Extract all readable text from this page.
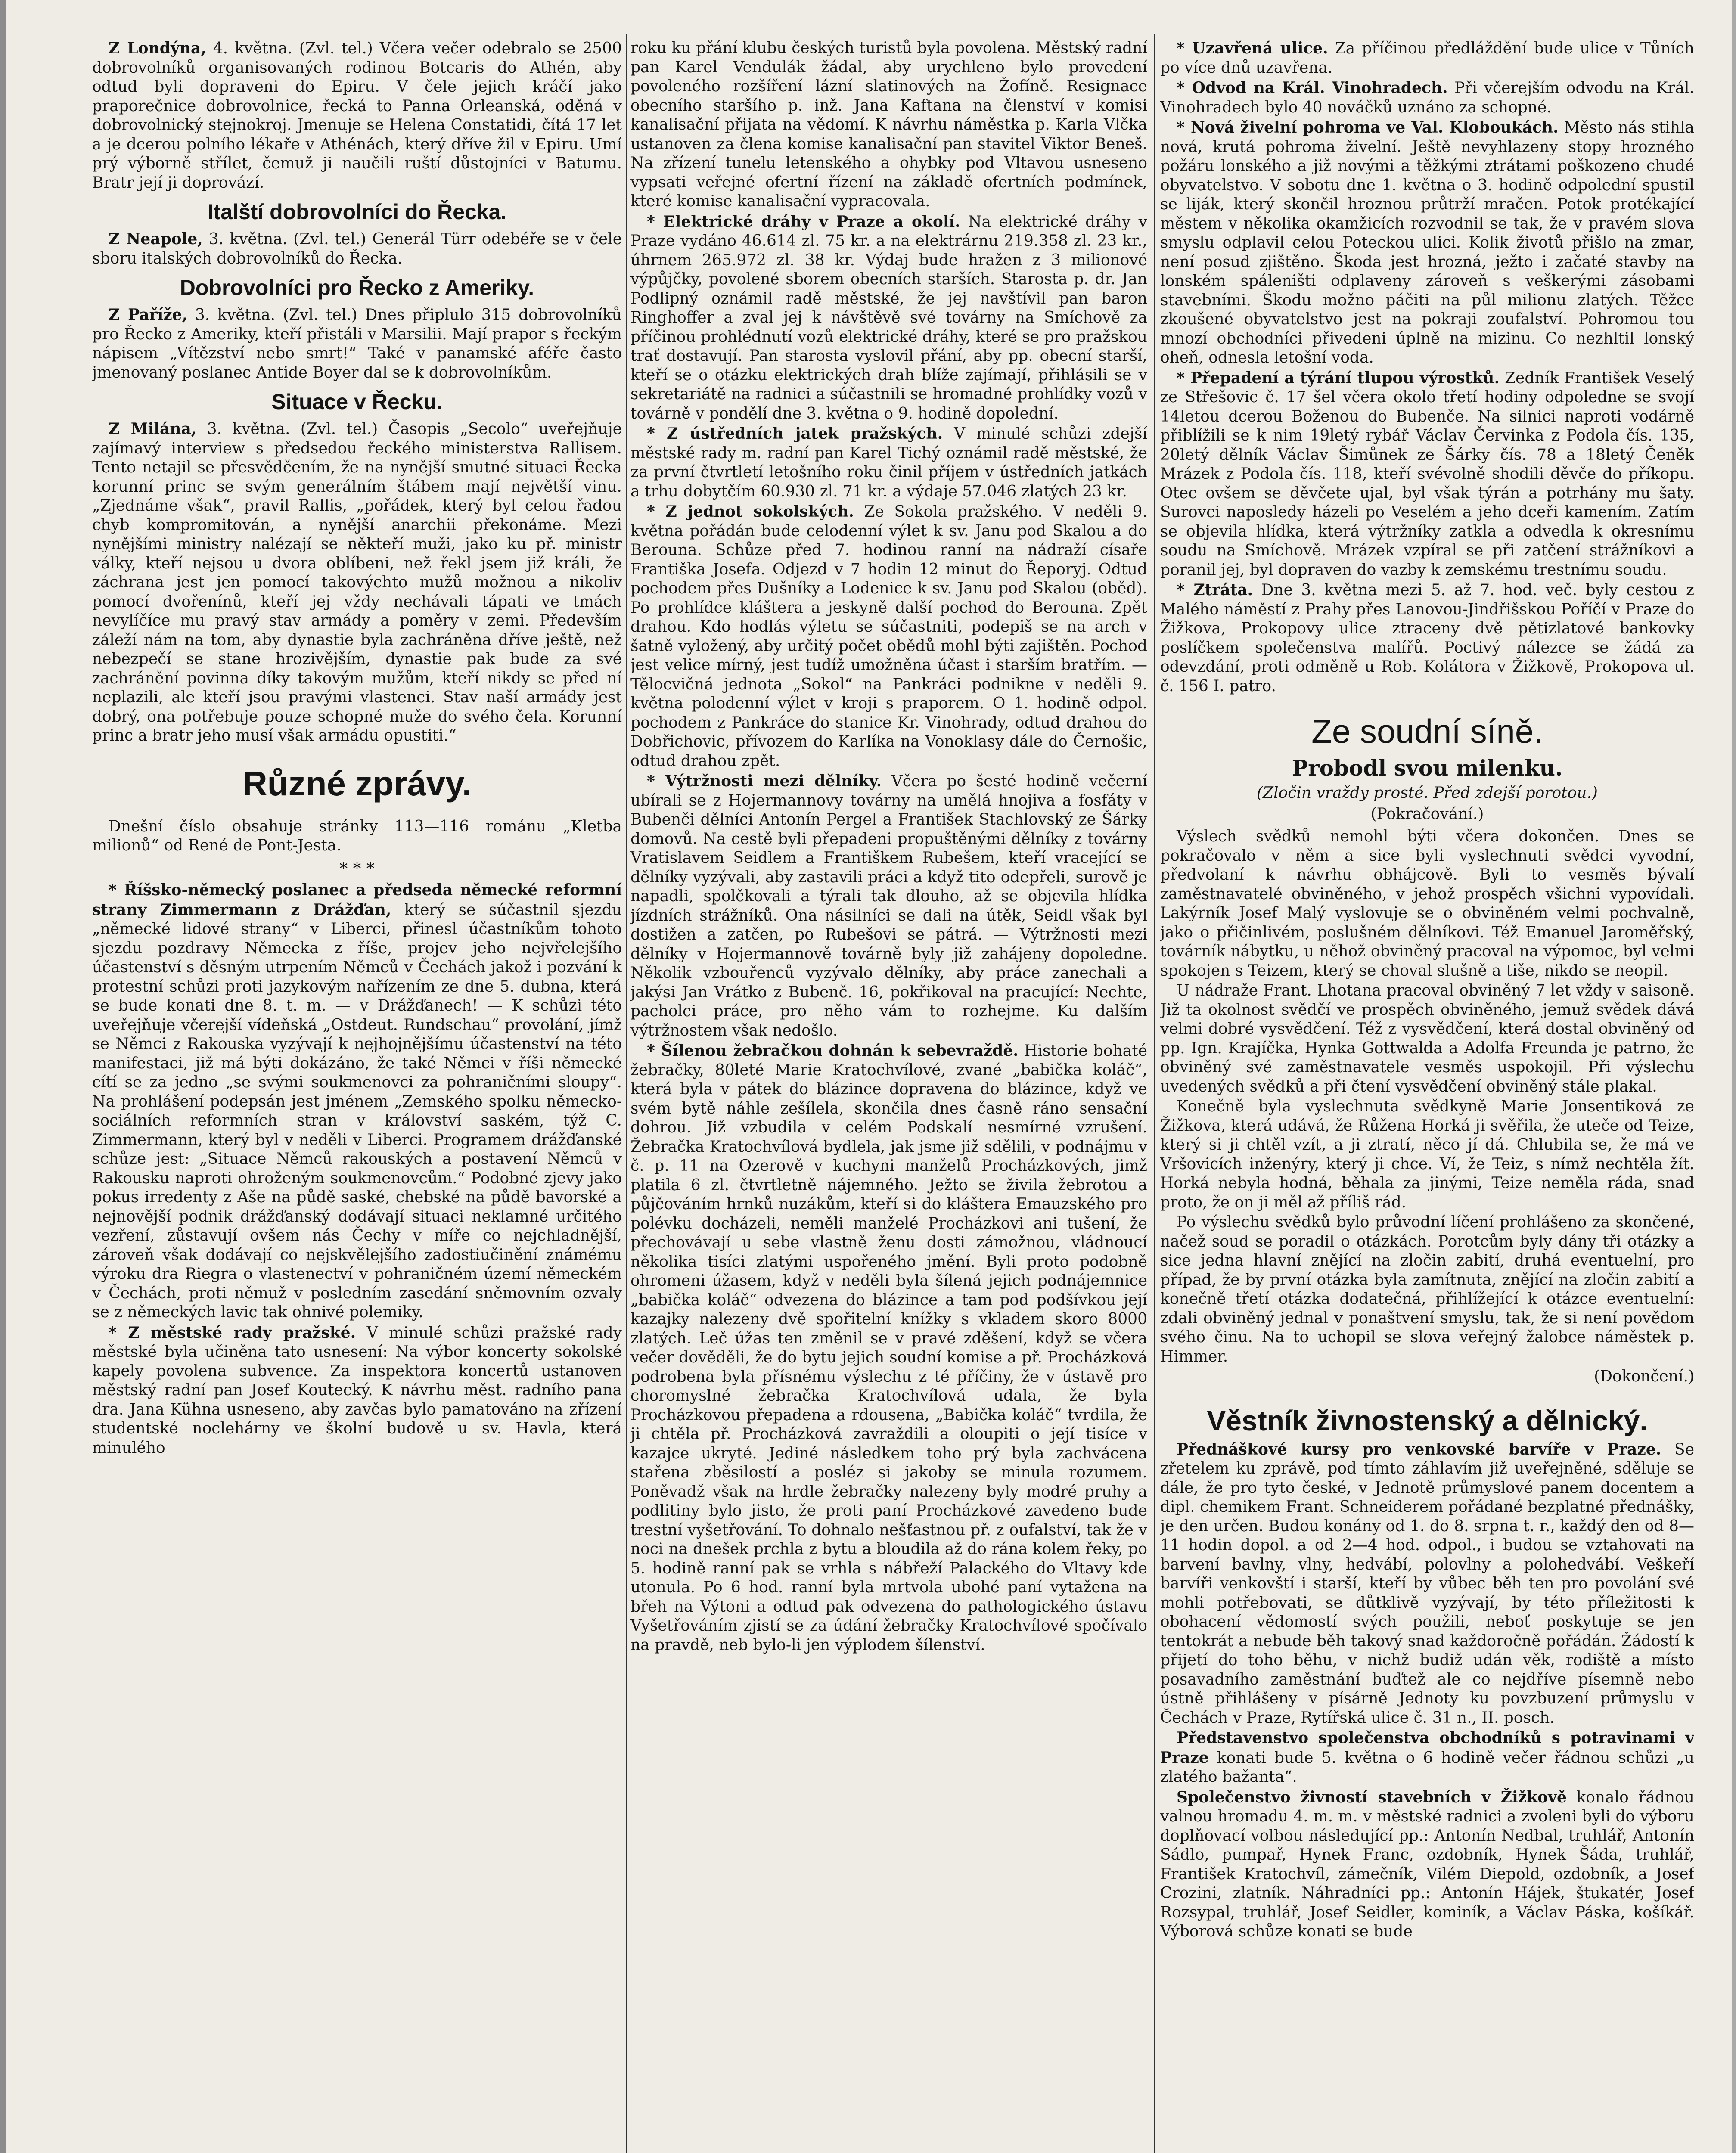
Z Londýna, 4. května. (Zvl. tel.) Včera večer odebralo se 2500 dobrovolníků organisovaných rodinou Botcaris do Athén, aby odtud byli dopraveni do Epiru. V čele jejich kráčí jako praporečnice dobrovolnice, řecká to Panna Orleanská, oděná v dobrovolnický stejnokroj. Jmenuje se Helena Constatidi, čítá 17 let a je dcerou polního lékaře v Athénách, který dříve žil v Epiru. Umí prý výborně střílet, čemuž ji naučili ruští důstojníci v Batumu. Bratr její ji doprovází.

Italští dobrovolníci do Řecka.

Z Neapole, 3. května. (Zvl. tel.) Generál Türr odebéře se v čele sboru italských dobrovolníků do Řecka.

Dobrovolníci pro Řecko z Ameriky.

Z Paříže, 3. května. (Zvl. tel.) Dnes připlulo 315 dobrovolníků pro Řecko z Ameriky, kteří přistáli v Marsilii. Mají prapor s řeckým nápisem „Vítězství nebo smrt!“ Také v panamské aféře často jmenovaný poslanec Antide Boyer dal se k dobrovolníkům.

Situace v Řecku.

Z Milána, 3. května. (Zvl. tel.) Časopis „Secolo“ uveřejňuje zajímavý interview s předsedou řeckého ministerstva Rallisem. Tento netajil se přesvědčením, že na nynější smutné situaci Řecka korunní princ se svým generálním štábem mají největší vinu. „Zjednáme však“, pravil Rallis, „pořádek, který byl celou řadou chyb kompromitován, a nynější anarchii překonáme. Mezi nynějšími ministry nalézají se někteří muži, jako ku př. ministr války, kteří nejsou u dvora oblíbeni, než řekl jsem již králi, že záchrana jest jen pomocí takovýchto mužů možnou a nikoliv pomocí dvořenínů, kteří jej vždy nechávali tápati ve tmách nevylíčíce mu pravý stav armády a poměry v zemi. Především záleží nám na tom, aby dynastie byla zachráněna dříve ještě, než nebezpečí se stane hrozivějším, dynastie pak bude za své zachránění povinna díky takovým mužům, kteří nikdy se před ní neplazili, ale kteří jsou pravými vlastenci. Stav naší armády jest dobrý, ona potřebuje pouze schopné muže do svého čela. Korunní princ a bratr jeho musí však armádu opustiti.“

Různé zprávy.

Dnešní číslo obsahuje stránky 113—116 románu „Kletba milionů“ od René de Pont-Jesta.

* * *

* Říšsko-německý poslanec a předseda německé reformní strany Zimmermann z Drážďan, který se súčastnil sjezdu „německé lidové strany“ v Liberci, přinesl účastníkům tohoto sjezdu pozdravy Německa z říše, projev jeho nejvřelejšího účastenství s děsným utrpením Němců v Čechách jakož i pozvání k protestní schůzi proti jazykovým nařízením ze dne 5. dubna, která se bude konati dne 8. t. m. — v Drážďanech! — K schůzi této uveřejňuje včerejší vídeňská „Ostdeut. Rundschau“ provolání, jímž se Němci z Rakouska vyzývají k nejhojnějšímu účastenství na této manifestaci, již má býti dokázáno, že také Němci v říši německé cítí se za jedno „se svými soukmenovci za pohraničními sloupy“. Na prohlášení podepsán jest jménem „Zemského spolku německo-sociálních reformních stran v království saském, týž C. Zimmermann, který byl v neděli v Liberci. Programem drážďanské schůze jest: „Situace Němců rakouských a postavení Němců v Rakousku naproti ohroženým soukmenovcům.“ Podobné zjevy jako pokus irredenty z Aše na půdě saské, chebské na půdě bavorské a nejnovější podnik drážďanský dodávají situaci neklamné určitého vezření, zůstavují ovšem nás Čechy v míře co nejchladnější, zároveň však dodávají co nejskvělejšího zadostiučinění známému výroku dra Riegra o vlastenectví v pohraničném území německém v Čechách, proti němuž v posledním zasedání sněmovním ozvaly se z německých lavic tak ohnivé polemiky.

* Z městské rady pražské. V minulé schůzi pražské rady městské byla učiněna tato usnesení: Na výbor koncerty sokolské kapely povolena subvence. Za inspektora koncertů ustanoven městský radní pan Josef Koutecký. K návrhu měst. radního pana dra. Jana Kühna usneseno, aby zavčas bylo pamatováno na zřízení studentské noclehárny ve školní budově u sv. Havla, která minulého

roku ku přání klubu českých turistů byla povolena. Městský radní pan Karel Vendulák žádal, aby urychleno bylo provedení povoleného rozšíření lázní slatinových na Žofíně. Resignace obecního staršího p. inž. Jana Kaftana na členství v komisi kanalisační přijata na vědomí. K návrhu náměstka p. Karla Vlčka ustanoven za člena komise kanalisační pan stavitel Viktor Beneš. Na zřízení tunelu letenského a ohybky pod Vltavou usneseno vypsati veřejné ofertní řízení na základě ofertních podmínek, které komise kanalisační vypracovala.

* Elektrické dráhy v Praze a okolí. Na elektrické dráhy v Praze vydáno 46.614 zl. 75 kr. a na elektrárnu 219.358 zl. 23 kr., úhrnem 265.972 zl. 38 kr. Výdaj bude hražen z 3 milionové výpůjčky, povolené sborem obecních starších. Starosta p. dr. Jan Podlipný oznámil radě městské, že jej navštívil pan baron Ringhoffer a zval jej k návštěvě své továrny na Smíchově za příčinou prohlédnutí vozů elektrické dráhy, které se pro pražskou trať dostavují. Pan starosta vyslovil přání, aby pp. obecní starší, kteří se o otázku elektrických drah blíže zajímají, přihlásili se v sekretariátě na radnici a súčastnili se hromadné prohlídky vozů v továrně v pondělí dne 3. května o 9. hodině dopolední.

* Z ústředních jatek pražských. V minulé schůzi zdejší městské rady m. radní pan Karel Tichý oznámil radě městské, že za první čtvrtletí letošního roku činil příjem v ústředních jatkách a trhu dobytčím 60.930 zl. 71 kr. a výdaje 57.046 zlatých 23 kr.

* Z jednot sokolských. Ze Sokola pražského. V neděli 9. května pořádán bude celodenní výlet k sv. Janu pod Skalou a do Berouna. Schůze před 7. hodinou ranní na nádraží císaře Františka Josefa. Odjezd v 7 hodin 12 minut do Řeporyj. Odtud pochodem přes Dušníky a Lodenice k sv. Janu pod Skalou (oběd). Po prohlídce kláštera a jeskyně další pochod do Berouna. Zpět drahou. Kdo hodlás výletu se súčastniti, podepiš se na arch v šatně vyložený, aby určitý počet obědů mohl býti zajištěn. Pochod jest velice mírný, jest tudíž umožněna účast i starším bratřím. — Tělocvičná jednota „Sokol“ na Pankráci podnikne v neděli 9. května polodenní výlet v kroji s praporem. O 1. hodině odpol. pochodem z Pankráce do stanice Kr. Vinohrady, odtud drahou do Dobřichovic, přívozem do Karlíka na Vonoklasy dále do Černošic, odtud drahou zpět.

* Výtržnosti mezi dělníky. Včera po šesté hodině večerní ubírali se z Hojermannovy továrny na umělá hnojiva a fosfáty v Bubenči dělníci Antonín Pergel a František Stachlovský ze Šárky domovů. Na cestě byli přepadeni propuštěnými dělníky z továrny Vratislavem Seidlem a Františkem Rubešem, kteří vracející se dělníky vyzývali, aby zastavili práci a když tito odepřeli, surově je napadli, spolčkovali a týrali tak dlouho, až se objevila hlídka jízdních strážníků. Ona násilníci se dali na útěk, Seidl však byl dostižen a zatčen, po Rubešovi se pátrá. — Výtržnosti mezi dělníky v Hojermannově továrně byly již zahájeny dopoledne. Několik vzbouřenců vyzývalo dělníky, aby práce zanechali a jakýsi Jan Vrátko z Bubenč. 16, pokřikoval na pracující: Nechte, pacholci práce, pro něho vám to rozhejme. Ku dalším výtržnostem však nedošlo.

* Šílenou žebračkou dohnán k sebevraždě. Historie bohaté žebračky, 80leté Marie Kratochvílové, zvané „babička koláč“, která byla v pátek do blázince dopravena do blázince, když ve svém bytě náhle zešílela, skončila dnes časně ráno sensační dohrou. Již vzbudila v celém Podskalí nesmírné vzrušení. Žebračka Kratochvílová bydlela, jak jsme již sdělili, v podnájmu v č. p. 11 na Ozerově v kuchyni manželů Procházkových, jimž platila 6 zl. čtvrtletně nájemného. Ježto se živila žebrotou a půjčováním hrnků nuzákům, kteří si do kláštera Emauzského pro polévku docházeli, neměli manželé Procházkovi ani tušení, že přechovávají u sebe vlastně ženu dosti zámožnou, vládnoucí několika tisíci zlatými uspořeného jmění. Byli proto podobně ohromeni úžasem, když v neděli byla šílená jejich podnájemnice „babička koláč“ odvezena do blázince a tam pod podšívkou její kazajky nalezeny dvě spořitelní knížky s vkladem skoro 8000 zlatých. Leč úžas ten změnil se v pravé zděšení, když se včera večer dověděli, že do bytu jejich soudní komise a př. Procházková podrobena byla přísnému výslechu z té příčiny, že v ústavě pro choromyslné žebračka Kratochvílová udala, že byla Procházkovou přepadena a rdousena, „Babička koláč“ tvrdila, že ji chtěla př. Procházková zavraždili a oloupiti o její tisíce v kazajce ukryté. Jediné následkem toho prý byla zachvácena stařena zběsilostí a posléz si jakoby se minula rozumem. Poněvadž však na hrdle žebračky nalezeny byly modré pruhy a podlitiny bylo jisto, že proti paní Procházkové zavedeno bude trestní vyšetřování. To dohnalo nešťastnou př. z oufalství, tak že v noci na dnešek prchla z bytu a bloudila až do rána kolem řeky, po 5. hodině ranní pak se vrhla s nábřeží Palackého do Vltavy kde utonula. Po 6 hod. ranní byla mrtvola ubohé paní vytažena na břeh na Výtoni a odtud pak odvezena do pathologického ústavu Vyšetřováním zjistí se za údání žebračky Kratochvílové spočívalo na pravdě, neb bylo-li jen výplodem šílenství.

* Uzavřená ulice. Za příčinou předláždění bude ulice v Tůních po více dnů uzavřena.

* Odvod na Král. Vinohradech. Při včerejším odvodu na Král. Vinohradech bylo 40 nováčků uznáno za schopné.

* Nová živelní pohroma ve Val. Kloboukách. Město nás stihla nová, krutá pohroma živelní. Ještě nevyhlazeny stopy hrozného požáru lonského a již novými a těžkými ztrátami poškozeno chudé obyvatelstvo. V sobotu dne 1. května o 3. hodině odpolední spustil se liják, který skončil hroznou průtrží mračen. Potok protékající městem v několika okamžicích rozvodnil se tak, že v pravém slova smyslu odplavil celou Poteckou ulici. Kolik životů přišlo na zmar, není posud zjištěno. Škoda jest hrozná, ježto i začaté stavby na lonském spáleništi odplaveny zároveň s veškerými zásobami stavebními. Škodu možno páčiti na půl milionu zlatých. Těžce zkoušené obyvatelstvo jest na pokraji zoufalství. Pohromou tou mnozí obchodníci přivedeni úplně na mizinu. Co nezhltil lonský oheň, odnesla letošní voda.

* Přepadení a týrání tlupou výrostků. Zedník František Veselý ze Střešovic č. 17 šel včera okolo třetí hodiny odpoledne se svojí 14letou dcerou Boženou do Bubenče. Na silnici naproti vodárně přiblížili se k nim 19letý rybář Václav Červinka z Podola čís. 135, 20letý dělník Václav Šimůnek ze Šárky čís. 78 a 18letý Čeněk Mrázek z Podola čís. 118, kteří svévolně shodili děvče do příkopu. Otec ovšem se děvčete ujal, byl však týrán a potrhány mu šaty. Surovci naposledy házeli po Veselém a jeho dceři kamením. Zatím se objevila hlídka, která výtržníky zatkla a odvedla k okresnímu soudu na Smíchově. Mrázek vzpíral se při zatčení strážníkovi a poranil jej, byl dopraven do vazby k zemskému trestnímu soudu.

* Ztráta. Dne 3. května mezi 5. až 7. hod. več. byly cestou z Malého náměstí z Prahy přes Lanovou-Jindřišskou Poříčí v Praze do Žižkova, Prokopovy ulice ztraceny dvě pětizlatové bankovky poslíčkem společenstva malířů. Poctivý nálezce se žádá za odevzdání, proti odměně u Rob. Kolátora v Žižkově, Prokopova ul. č. 156 I. patro.

Ze soudní síně.
Probodl svou milenku.

(Zločin vraždy prosté. Před zdejší porotou.)

(Pokračování.)

Výslech svědků nemohl býti včera dokončen. Dnes se pokračovalo v něm a sice byli vyslechnuti svědci vyvodní, předvolaní k návrhu obhájcově. Byli to vesměs bývalí zaměstnavatelé obviněného, v jehož prospěch všichni vypovídali. Lakýrník Josef Malý vyslovuje se o obviněném velmi pochvalně, jako o přičinlivém, poslušném dělníkovi. Též Emanuel Jaroměřský, továrník nábytku, u něhož obviněný pracoval na výpomoc, byl velmi spokojen s Teizem, který se choval slušně a tiše, nikdo se neopil.

U nádraže Frant. Lhotana pracoval obviněný 7 let vždy v saisoně. Již ta okolnost svědčí ve prospěch obviněného, jemuž svědek dává velmi dobré vysvědčení. Též z vysvědčení, která dostal obviněný od pp. Ign. Krajíčka, Hynka Gottwalda a Adolfa Freunda je patrno, že obviněný své zaměstnavatele vesměs uspokojil. Při výslechu uvedených svědků a při čtení vysvědčení obviněný stále plakal.

Konečně byla vyslechnuta svědkyně Marie Jonsentiková ze Žižkova, která udává, že Růžena Horká ji svěřila, že uteče od Teize, který si ji chtěl vzít, a ji ztratí, něco jí dá. Chlubila se, že má ve Vršovicích inženýry, který ji chce. Ví, že Teiz, s nímž nechtěla žít. Horká nebyla hodná, běhala za jinými, Teize neměla ráda, snad proto, že on ji měl až příliš rád.

Po výslechu svědků bylo průvodní líčení prohlášeno za skončené, načež soud se poradil o otázkách. Porotcům byly dány tři otázky a sice jedna hlavní znějící na zločin zabití, druhá eventuelní, pro případ, že by první otázka byla zamítnuta, znějící na zločin zabití a konečně třetí otázka dodatečná, přihlížející k otázce eventuelní: zdali obviněný jednal v ponaštvení smyslu, tak, že si není povědom svého činu. Na to uchopil se slova veřejný žalobce náměstek p. Himmer.

(Dokončení.)

Věstník živnostenský a dělnický.

Přednáškové kursy pro venkovské barvíře v Praze. Se zřetelem ku zprávě, pod tímto záhlavím již uveřejněné, sděluje se dále, že pro tyto české, v Jednotě průmyslové panem docentem a dipl. chemikem Frant. Schneiderem pořádané bezplatné přednášky, je den určen. Budou konány od 1. do 8. srpna t. r., každý den od 8—11 hodin dopol. a od 2—4 hod. odpol., i budou se vztahovati na barvení bavlny, vlny, hedvábí, polovlny a polohedvábí. Veškeří barvíři venkovští i starší, kteří by vůbec běh ten pro povolání své mohli potřebovati, se důtklivě vyzývají, by této příležitosti k obohacení vědomostí svých použili, neboť poskytuje se jen tentokrát a nebude běh takový snad každoročně pořádán. Žádostí k přijetí do toho běhu, v nichž budiž udán věk, rodiště a místo posavadního zaměstnání buďtež ale co nejdříve písemně nebo ústně přihlášeny v písárně Jednoty ku povzbuzení průmyslu v Čechách v Praze, Rytířská ulice č. 31 n., II. posch.

Představenstvo společenstva obchodníků s potravinami v Praze konati bude 5. května o 6 hodině večer řádnou schůzi „u zlatého bažanta“.

Společenstvo živností stavebních v Žižkově konalo řádnou valnou hromadu 4. m. m. v městské radnici a zvoleni byli do výboru doplňovací volbou následující pp.: Antonín Nedbal, truhlář, Antonín Sádlo, pumpař, Hynek Franc, ozdobník, Hynek Šáda, truhlář, František Kratochvíl, zámečník, Vilém Diepold, ozdobník, a Josef Crozini, zlatník. Náhradníci pp.: Antonín Hájek, štukatér, Josef Rozsypal, truhlář, Josef Seidler, kominík, a Václav Páska, košíkář. Výborová schůze konati se bude
